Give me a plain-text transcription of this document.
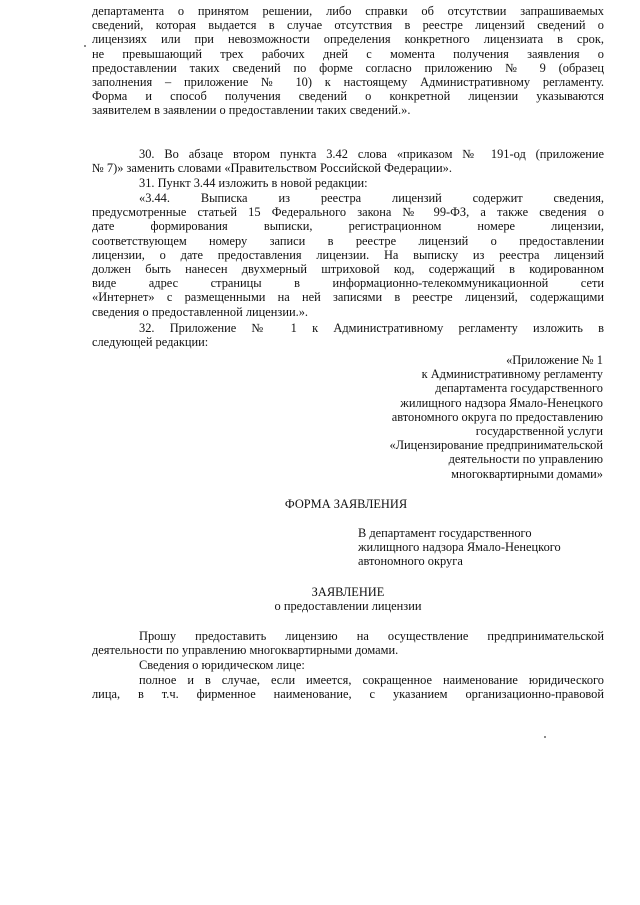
департамента о принятом решении, либо справки об отсутствии запрашиваемых
сведений, которая выдается в случае отсутствия в реестре лицензий сведений о
лицензиях или при невозможности определения конкретного лицензиата в срок,
не превышающий трех рабочих дней с момента получения заявления о
предоставлении таких сведений по форме согласно приложению № 9 (образец
заполнения – приложение № 10) к настоящему Административному регламенту.
Форма и способ получения сведений о конкретной лицензии указываются
заявителем в заявлении о предоставлении таких сведений.».
30. Во абзаце втором пункта 3.42 слова «приказом № 191-од (приложение
№ 7)» заменить словами «Правительством Российской Федерации».
31. Пункт 3.44 изложить в новой редакции:
«3.44. Выписка из реестра лицензий содержит сведения,
предусмотренные статьей 15 Федерального закона № 99-ФЗ, а также сведения о
дате формирования выписки, регистрационном номере лицензии,
соответствующем номеру записи в реестре лицензий о предоставлении
лицензии, о дате предоставления лицензии. На выписку из реестра лицензий
должен быть нанесен двухмерный штриховой код, содержащий в кодированном
виде адрес страницы в информационно-телекоммуникационной сети
«Интернет» с размещенными на ней записями в реестре лицензий, содержащими
сведения о предоставленной лицензии.».
32. Приложение № 1 к Административному регламенту изложить в
следующей редакции:
«Приложение № 1
к Административному регламенту
департамента государственного
жилищного надзора Ямало-Ненецкого
автономного округа по предоставлению
государственной услуги
«Лицензирование предпринимательской
деятельности по управлению
многоквартирными домами»
ФОРМА ЗАЯВЛЕНИЯ
В департамент государственного
жилищного надзора Ямало-Ненецкого
автономного округа
ЗАЯВЛЕНИЕ
о предоставлении лицензии
Прошу предоставить лицензию на осуществление предпринимательской
деятельности по управлению многоквартирными домами.
Сведения о юридическом лице:
полное и в случае, если имеется, сокращенное наименование юридического
лица, в т.ч. фирменное наименование, с указанием организационно-правовой
